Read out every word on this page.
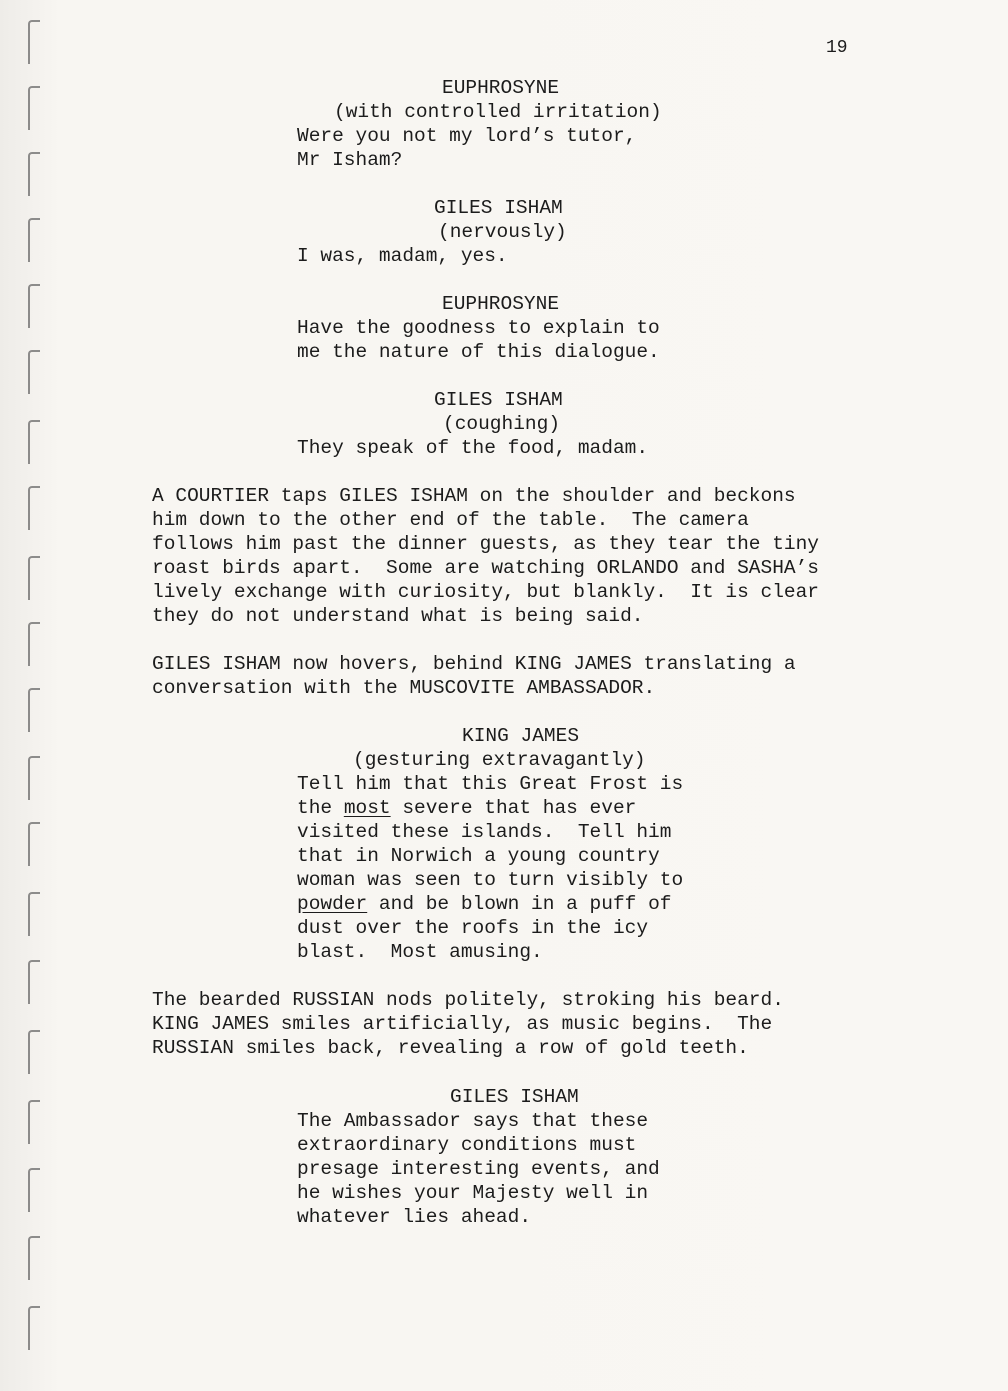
19
EUPHROSYNE
(with controlled irritation)
Were you not my lord’s tutor,
Mr Isham?
GILES ISHAM
(nervously)
I was, madam, yes.
EUPHROSYNE
Have the goodness to explain to
me the nature of this dialogue.
GILES ISHAM
(coughing)
They speak of the food, madam.
A COURTIER taps GILES ISHAM on the shoulder and beckons
him down to the other end of the table.  The camera
follows him past the dinner guests, as they tear the tiny
roast birds apart.  Some are watching ORLANDO and SASHA’s
lively exchange with curiosity, but blankly.  It is clear
they do not understand what is being said.
GILES ISHAM now hovers, behind KING JAMES translating a
conversation with the MUSCOVITE AMBASSADOR.
KING JAMES
(gesturing extravagantly)
Tell him that this Great Frost is
the most severe that has ever
visited these islands.  Tell him
that in Norwich a young country
woman was seen to turn visibly to
powder and be blown in a puff of
dust over the roofs in the icy
blast.  Most amusing.
The bearded RUSSIAN nods politely, stroking his beard.
KING JAMES smiles artificially, as music begins.  The
RUSSIAN smiles back, revealing a row of gold teeth.
GILES ISHAM
The Ambassador says that these
extraordinary conditions must
presage interesting events, and
he wishes your Majesty well in
whatever lies ahead.
